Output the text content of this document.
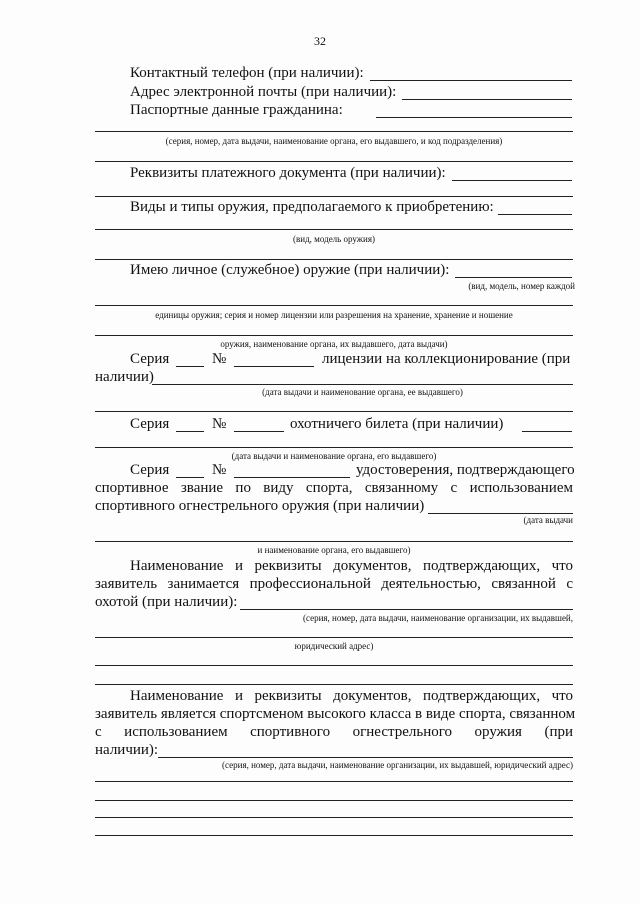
32
Контактный телефон (при наличии):
Адрес электронной почты (при наличии):
Паспортные данные гражданина:
(серия, номер, дата выдачи, наименование органа, его выдавшего, и код подразделения)
Реквизиты платежного документа (при наличии):
Виды и типы оружия, предполагаемого к приобретению:
(вид, модель оружия)
Имею личное (служебное) оружие (при наличии):
(вид, модель, номер каждой
единицы оружия; серия и номер лицензии или разрешения на хранение, хранение и ношение
оружия, наименование органа, их выдавшего, дата выдачи)
Серия	№	лицензии на коллекционирование (при
наличии)
(дата выдачи и наименование органа, ее выдавшего)
Серия	№	охотничего билета (при наличии)
(дата выдачи и наименование органа, его выдавшего)
Серия	№	удостоверения, подтверждающего
спортивное звание по виду спорта, связанному с использованием
спортивного огнестрельного оружия (при наличии)
(дата выдачи
и наименование органа, его выдавшего)
Наименование и реквизиты документов, подтверждающих, что
заявитель занимается профессиональной деятельностью, связанной с
охотой (при наличии):
(серия, номер, дата выдачи, наименование организации, их выдавшей,
юридический адрес)
Наименование и реквизиты документов, подтверждающих, что
заявитель является спортсменом высокого класса в виде спорта, связанном
с использованием спортивного огнестрельного оружия (при
наличии):
(серия, номер, дата выдачи, наименование организации, их выдавшей, юридический адрес)
